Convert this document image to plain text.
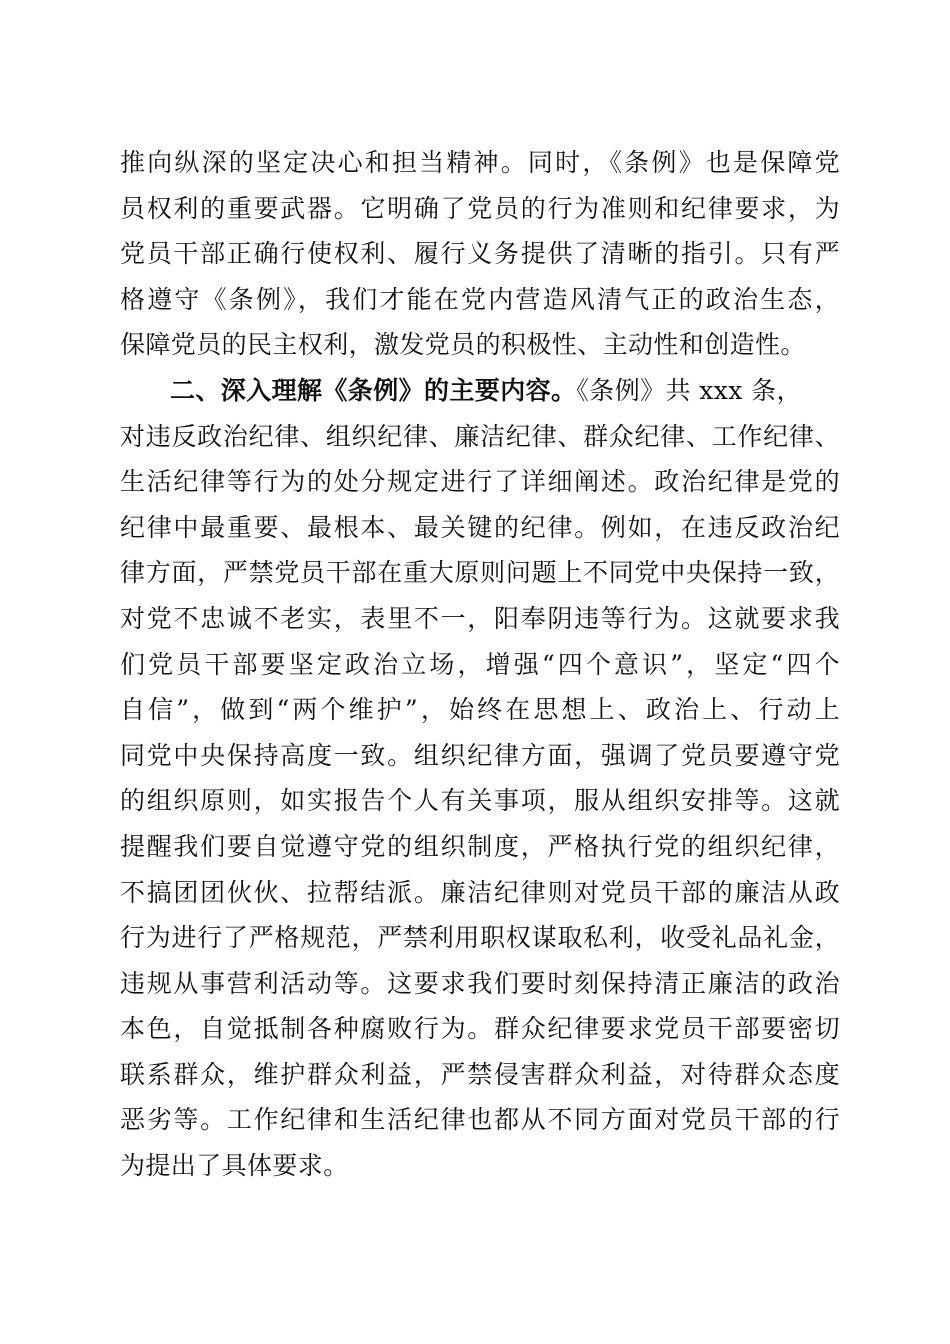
推向纵深的坚定决心和担当精神。同时，《条例》也是保障党
员权利的重要武器。它明确了党员的行为准则和纪律要求，为
党员干部正确行使权利、履行义务提供了清晰的指引。只有严
格遵守《条例》，我们才能在党内营造风清气正的政治生态，
保障党员的民主权利，激发党员的积极性、主动性和创造性。
二、深入理解《条例》的主要内容。《条例》共 xxx 条，
对违反政治纪律、组织纪律、廉洁纪律、群众纪律、工作纪律、
生活纪律等行为的处分规定进行了详细阐述。政治纪律是党的
纪律中最重要、最根本、最关键的纪律。例如，在违反政治纪
律方面，严禁党员干部在重大原则问题上不同党中央保持一致，
对党不忠诚不老实，表里不一，阳奉阴违等行为。这就要求我
们党员干部要坚定政治立场，增强“四个意识”，坚定“四个
自信”，做到“两个维护”，始终在思想上、政治上、行动上
同党中央保持高度一致。组织纪律方面，强调了党员要遵守党
的组织原则，如实报告个人有关事项，服从组织安排等。这就
提醒我们要自觉遵守党的组织制度，严格执行党的组织纪律，
不搞团团伙伙、拉帮结派。廉洁纪律则对党员干部的廉洁从政
行为进行了严格规范，严禁利用职权谋取私利，收受礼品礼金，
违规从事营利活动等。这要求我们要时刻保持清正廉洁的政治
本色，自觉抵制各种腐败行为。群众纪律要求党员干部要密切
联系群众，维护群众利益，严禁侵害群众利益，对待群众态度
恶劣等。工作纪律和生活纪律也都从不同方面对党员干部的行
为提出了具体要求。
